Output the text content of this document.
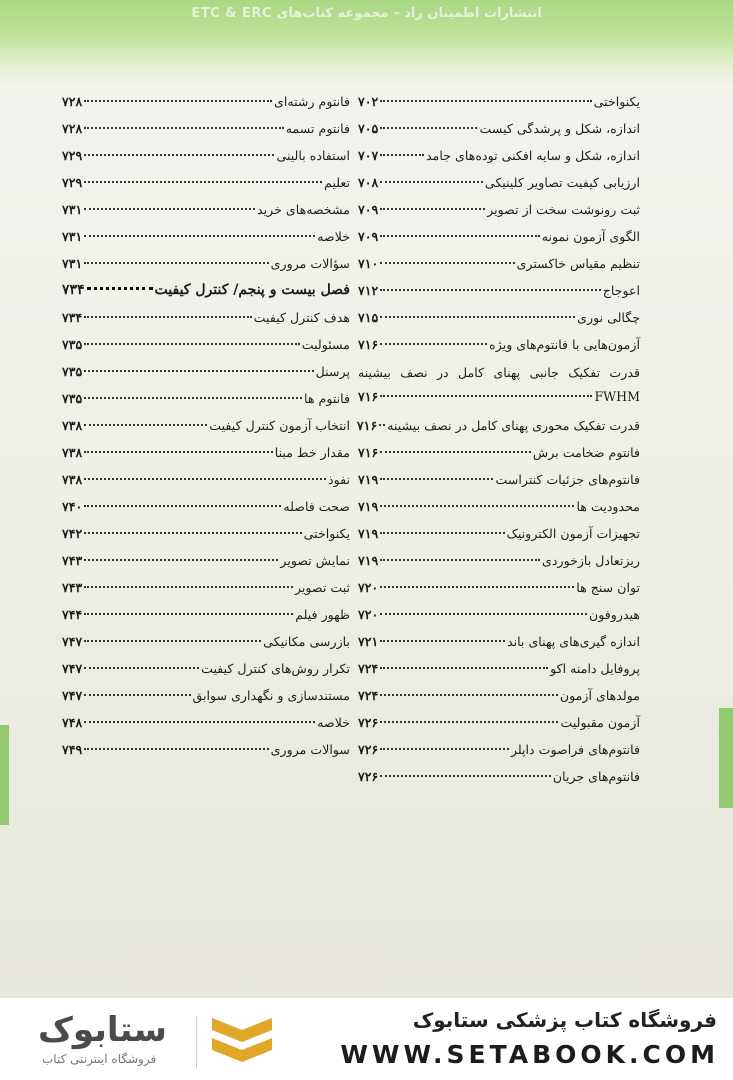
انتشارات اطمینان راد – مجموعه کتاب‌های ETC & ERC
یکنواختی
۷۰۲
اندازه، شکل و پرشدگی کیست
۷۰۵
اندازه، شکل و سایه افکنی توده‌های جامد
۷۰۷
ارزیابی کیفیت تصاویر کلینیکی
۷۰۸
ثبت رونوشت سخت از تصویر
۷۰۹
الگوی آزمون نمونه
۷۰۹
تنظیم مقیاس خاکستری
۷۱۰
اعوجاج
۷۱۲
چگالی نوری
۷۱۵
آزمون‌هایی با فانتوم‌های ویژه
۷۱۶
قدرت تفکیک جانبی پهنای کامل در نصف بیشینه
FWHM
۷۱۶
قدرت تفکیک محوری پهنای کامل در نصف بیشینه
۷۱۶
فانتوم ضخامت برش
۷۱۶
فانتوم‌های جزئیات کنتراست
۷۱۹
محدودیت ها
۷۱۹
تجهیزات آزمون الکترونیک
۷۱۹
ریزتعادل بازخوردی
۷۱۹
توان سنج ها
۷۲۰
هیدروفون
۷۲۰
اندازه گیری‌های پهنای باند
۷۲۱
پروفایل دامنه اکو
۷۲۴
مولدهای آزمون
۷۲۴
آزمون مقبولیت
۷۲۶
فانتوم‌های فراصوت داپلر
۷۲۶
فانتوم‌های جریان
۷۲۶
فانتوم رشته‌ای
۷۲۸
فانتوم تسمه
۷۲۸
استفاده بالینی
۷۲۹
تعلیم
۷۲۹
مشخصه‌های خرید
۷۳۱
خلاصه
۷۳۱
سؤالات مروری
۷۳۱
فصل بیست و پنجم/ کنترل کیفیت
۷۳۴
هدف کنترل کیفیت
۷۳۴
مسئولیت
۷۳۵
پرسنل
۷۳۵
فانتوم ها
۷۳۵
انتخاب آزمون کنترل کیفیت
۷۳۸
مقدار خط مبنا
۷۳۸
نفوذ
۷۳۸
صحت فاصله
۷۴۰
یکنواختی
۷۴۲
نمایش تصویر
۷۴۳
ثبت تصویر
۷۴۳
ظهور فیلم
۷۴۴
بازرسی مکانیکی
۷۴۷
تکرار روش‌های کنترل کیفیت
۷۴۷
مستندسازی و نگهداری سوابق
۷۴۷
خلاصه
۷۴۸
سوالات مروری
۷۴۹
فروشگاه کتاب پزشکی ستابوک
WWW.SETABOOK.COM
ستابوک
فروشگاه اینترنتی کتاب
